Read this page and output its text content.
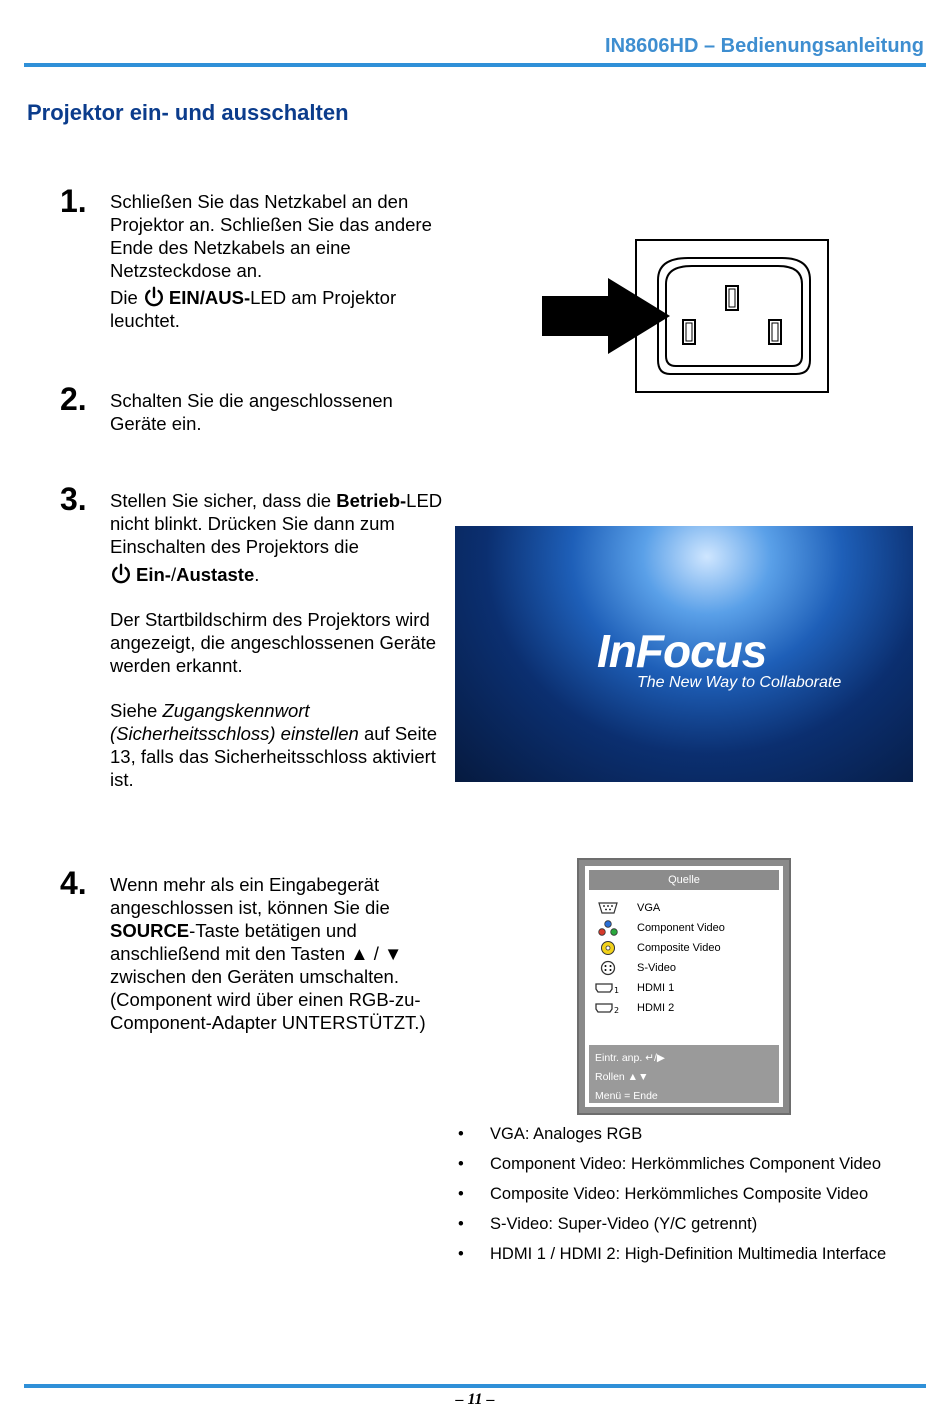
IN8606HD – Bedienungsanleitung
Projektor ein- und ausschalten
1. Schließen Sie das Netzkabel an den Projektor an. Schließen Sie das andere Ende des Netzkabels an eine Netzsteckdose an.

Die EIN/AUS-LED am Projektor leuchtet.

2. Schalten Sie die angeschlossenen Geräte ein.

3. Stellen Sie sicher, dass die Betrieb-LED nicht blinkt. Drücken Sie dann zum Einschalten des Projektors die
Ein-/Austaste.

Der Startbildschirm des Projektors wird angezeigt, die angeschlossenen Geräte werden erkannt.

Siehe Zugangskennwort (Sicherheitsschloss) einstellen auf Seite 13, falls das Sicherheitsschloss aktiviert ist.

InFocus
The New Way to Collaborate
4. Wenn mehr als ein Eingabegerät angeschlossen ist, können Sie die SOURCE-Taste betätigen und anschließend mit den Tasten ▲ / ▼ zwischen den Geräten umschalten. (Component wird über einen RGB-zu-Component-Adapter UNTERSTÜTZT.)

Quelle
VGA
Component Video
Composite Video
S-Video
1 HDMI 1
2 HDMI 2
Eintr. anp. ↵/▶
Rollen ▲▼
Menü = Ende
• VGA: Analoges RGB
• Component Video: Herkömmliches Component Video
• Composite Video: Herkömmliches Composite Video
• S-Video: Super-Video (Y/C getrennt)
• HDMI 1 / HDMI 2: High-Definition Multimedia Interface
– 11 –
